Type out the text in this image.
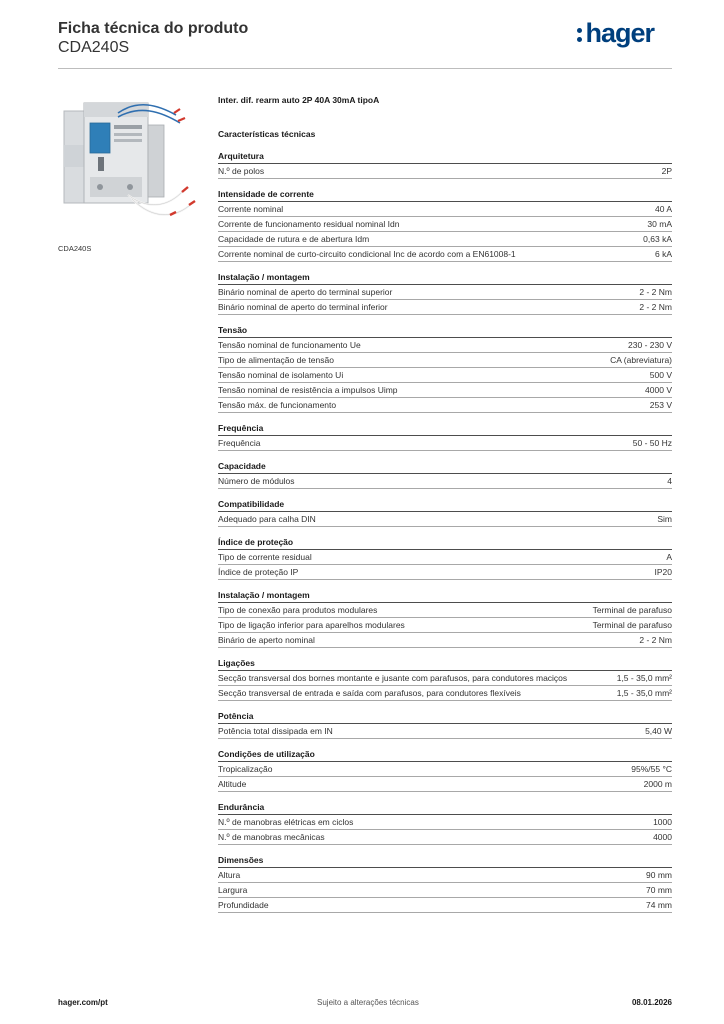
Ficha técnica do produto
CDA240S	hager
CDA240S
Inter. dif. rearm auto 2P 40A 30mA tipoA
Características técnicas
Arquitetura
N.º de polos	2P
Intensidade de corrente
Corrente nominal	40 A
Corrente de funcionamento residual nominal Idn	30 mA
Capacidade de rutura e de abertura Idm	0,63 kA
Corrente nominal de curto-circuito condicional Inc de acordo com a EN61008-1	6 kA
Instalação / montagem
Binário nominal de aperto do terminal superior	2 - 2 Nm
Binário nominal de aperto do terminal inferior	2 - 2 Nm
Tensão
Tensão nominal de funcionamento Ue	230 - 230 V
Tipo de alimentação de tensão	CA (abreviatura)
Tensão nominal de isolamento Ui	500 V
Tensão nominal de resistência a impulsos Uimp	4000 V
Tensão máx. de funcionamento	253 V
Frequência
Frequência	50 - 50 Hz
Capacidade
Número de módulos	4
Compatibilidade
Adequado para calha DIN	Sim
Índice de proteção
Tipo de corrente residual	A
Índice de proteção IP	IP20
Instalação / montagem
Tipo de conexão para produtos modulares	Terminal de parafuso
Tipo de ligação inferior para aparelhos modulares	Terminal de parafuso
Binário de aperto nominal	2 - 2 Nm
Ligações
Secção transversal dos bornes montante e jusante com parafusos, para condutores maciços	1,5 - 35,0 mm²
Secção transversal de entrada e saída com parafusos, para condutores flexíveis	1,5 - 35,0 mm²
Potência
Potência total dissipada em IN	5,40 W
Condições de utilização
Tropicalização	95%/55 °C
Altitude	2000 m
Endurância
N.º de manobras elétricas em ciclos	1000
N.º de manobras mecânicas	4000
Dimensões
Altura	90 mm
Largura	70 mm
Profundidade	74 mm
hager.com/pt	Sujeito a alterações técnicas	08.01.2026
